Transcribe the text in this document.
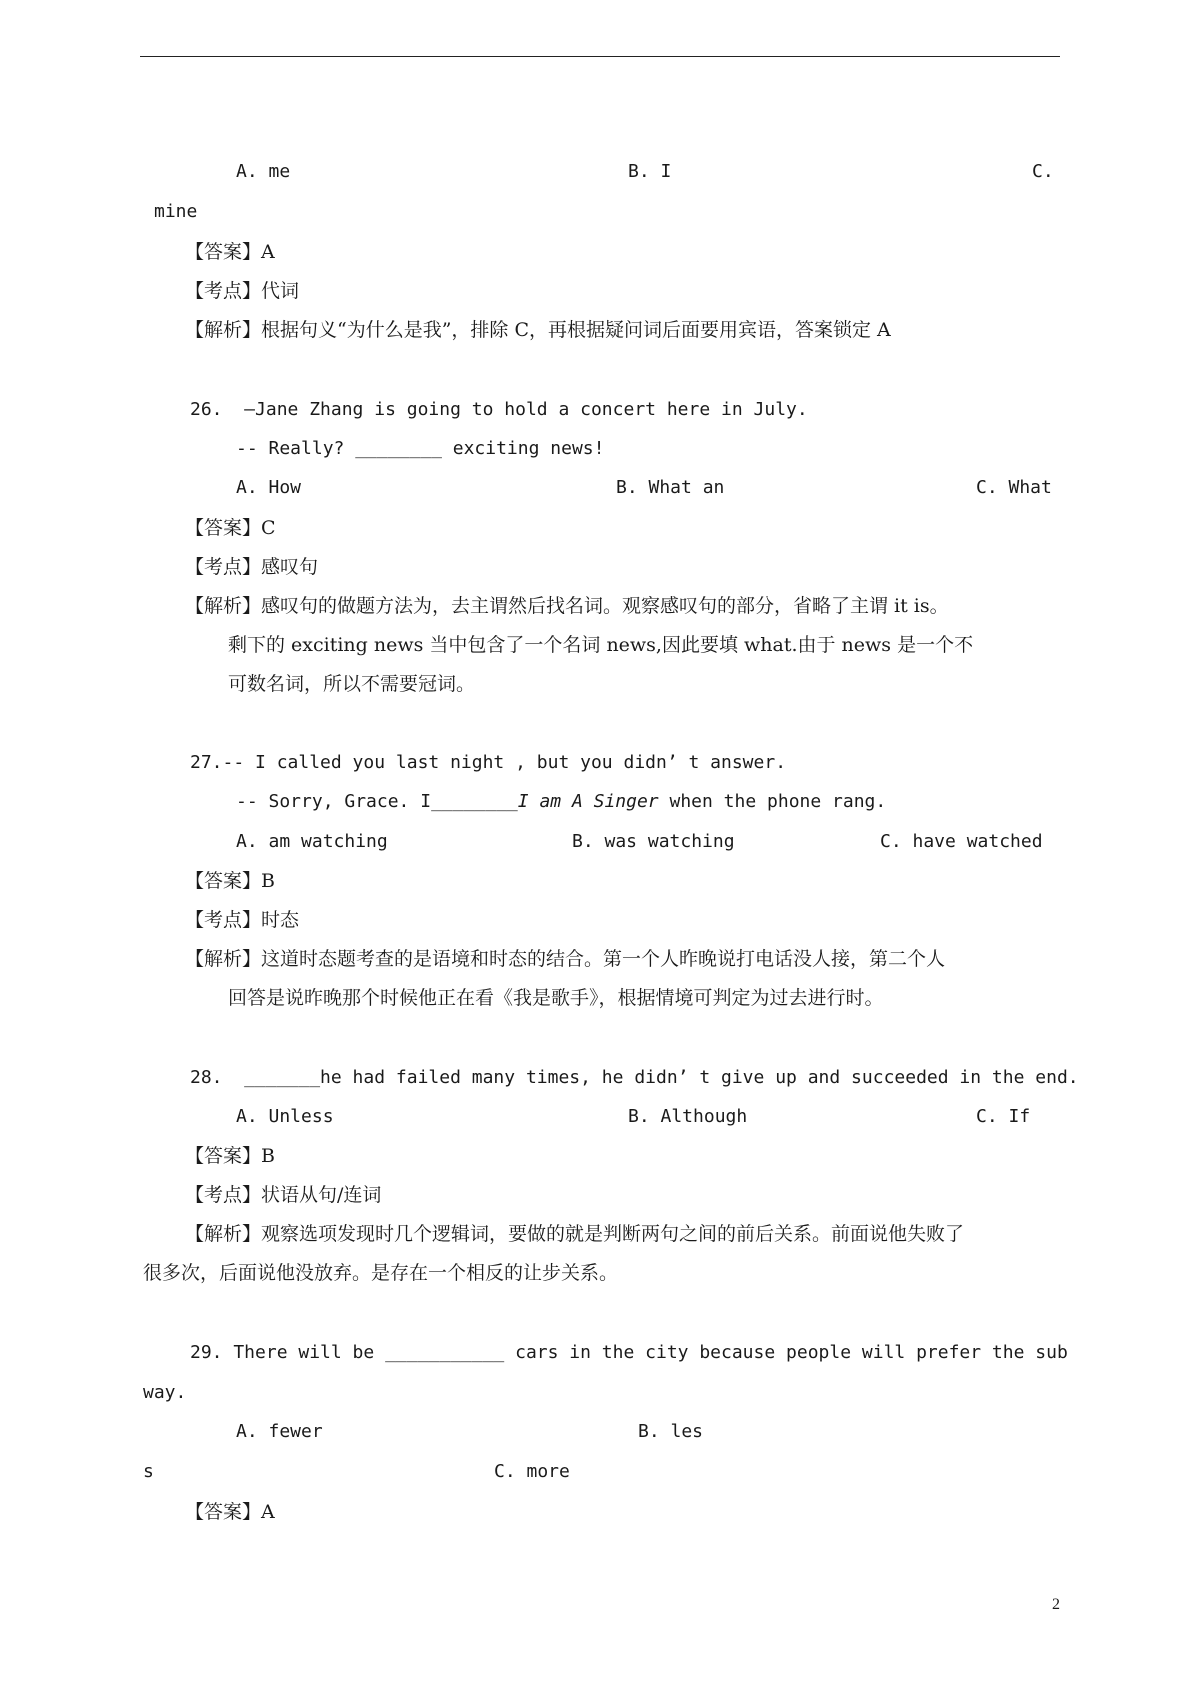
A. me	B. I	C.
mine
【答案】A
【考点】代词
【解析】根据句义“为什么是我”，排除 C，再根据疑问词后面要用宾语，答案锁定 A
26.  –Jane Zhang is going to hold a concert here in July.
-- Really? ________ exciting news!
A. How	B. What an	C. What
【答案】C
【考点】感叹句
【解析】感叹句的做题方法为，去主谓然后找名词。观察感叹句的部分，省略了主谓 it is。
剩下的 exciting news 当中包含了一个名词 news,因此要填 what.由于 news 是一个不
可数名词，所以不需要冠词。
27.-- I called you last night , but you didn’ t answer.
-- Sorry, Grace. I________I am A Singer when the phone rang.
A. am watching	B. was watching	C. have watched
【答案】B
【考点】时态
【解析】这道时态题考查的是语境和时态的结合。第一个人昨晚说打电话没人接，第二个人
回答是说昨晚那个时候他正在看《我是歌手》，根据情境可判定为过去进行时。
28.  _______he had failed many times, he didn’ t give up and succeeded in the end.
A. Unless	B. Although	C. If
【答案】B
【考点】状语从句/连词
【解析】观察选项发现时几个逻辑词，要做的就是判断两句之间的前后关系。前面说他失败了
很多次，后面说他没放弃。是存在一个相反的让步关系。
29. There will be ___________ cars in the city because people will prefer the sub
way.
A. fewer	B. les
s	C. more
【答案】A
2
